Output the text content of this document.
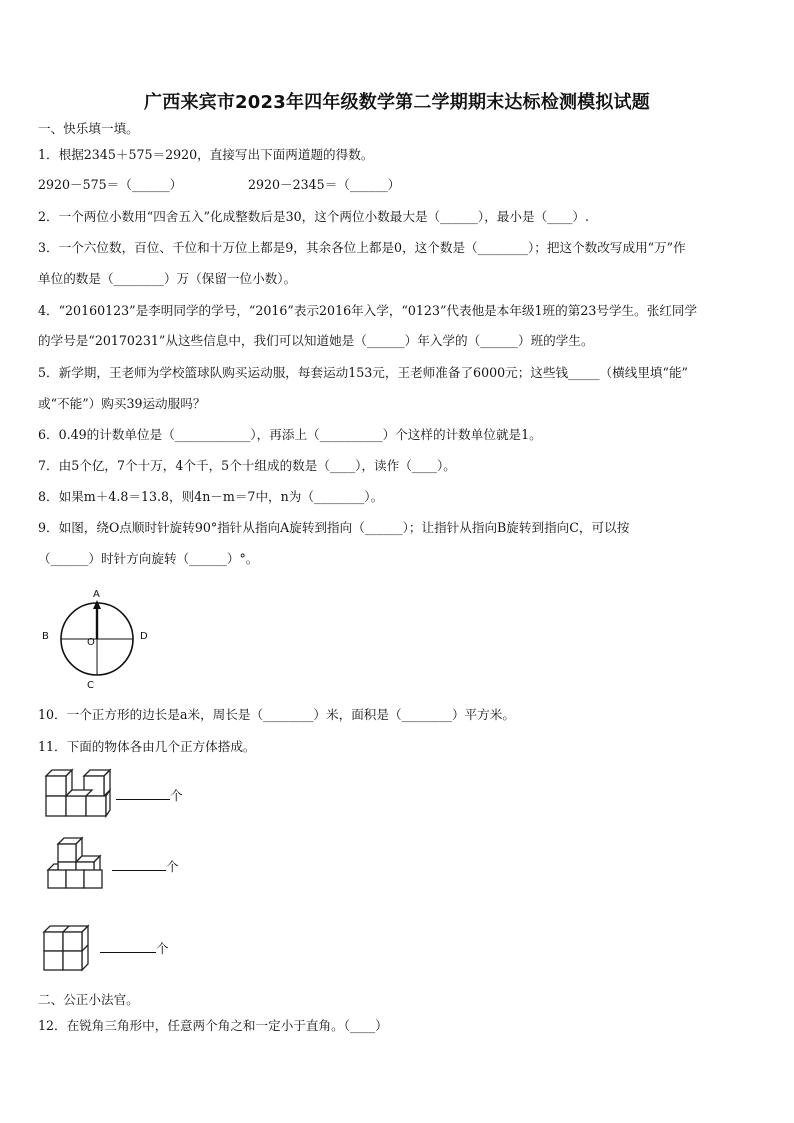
广西来宾市2023年四年级数学第二学期期末达标检测模拟试题
一、快乐填一填。
1．根据2345＋575＝2920，直接写出下面两道题的得数。
2920－575＝（______）	2920－2345＝（______）
2．一个两位小数用“四舍五入”化成整数后是30，这个两位小数最大是（______），最小是（____）.
3．一个六位数，百位、千位和十万位上都是9，其余各位上都是0，这个数是（________）；把这个数改写成用“万”作
单位的数是（________）万（保留一位小数）。
4．“20160123”是李明同学的学号，“2016”表示2016年入学，“0123”代表他是本年级1班的第23号学生。张红同学
的学号是“20170231”从这些信息中，我们可以知道她是（______）年入学的（______）班的学生。
5．新学期，王老师为学校篮球队购买运动服，每套运动153元，王老师准备了6000元；这些钱_____（横线里填“能”
或“不能”）购买39运动服吗？
6．0.49的计数单位是（____________），再添上（__________）个这样的计数单位就是1。
7．由5个亿，7个十万，4个千，5个十组成的数是（____），读作（____）。
8．如果m＋4.8＝13.8，则4n－m＝7中，n为（________）。
9．如图，绕O点顺时针旋转90°指针从指向A旋转到指向（______）；让指针从指向B旋转到指向C，可以按
（______）时针方向旋转（______）°。
A
B
C
D
O
10．一个正方形的边长是a米，周长是（________）米，面积是（________）平方米。
11．下面的物体各由几个正方体搭成。
个
个
个
二、公正小法官。
12．在锐角三角形中，任意两个角之和一定小于直角。（____）
